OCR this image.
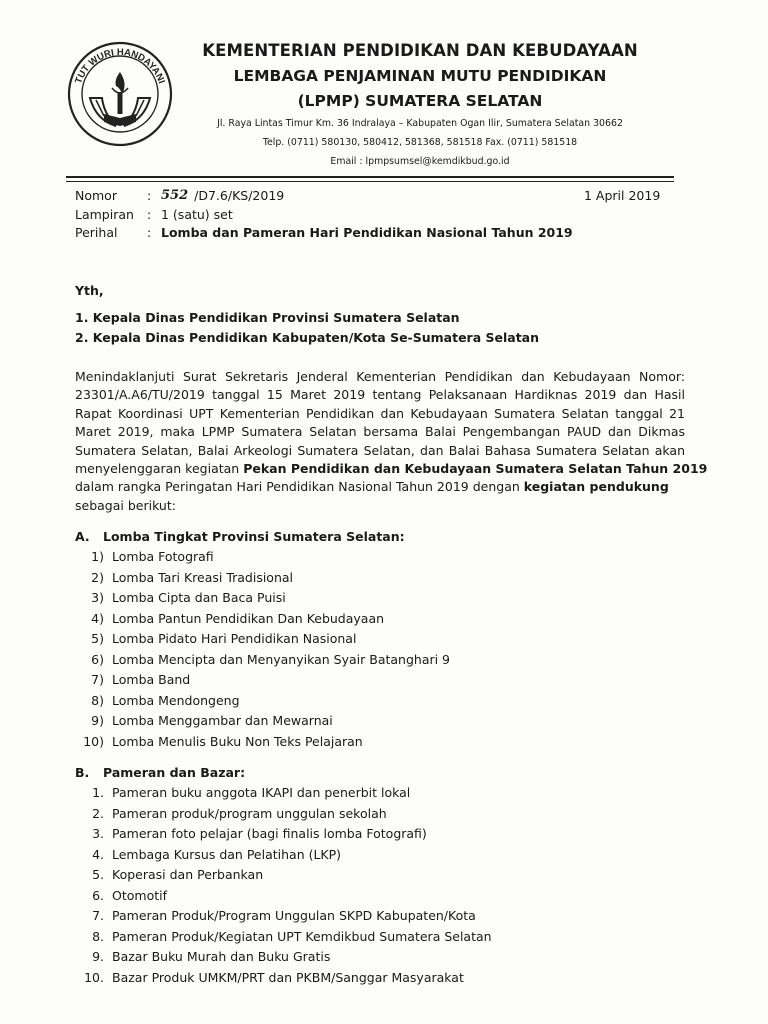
TUT WURI HANDAYANI
KEMENTERIAN PENDIDIKAN DAN KEBUDAYAAN
LEMBAGA PENJAMINAN MUTU PENDIDIKAN
(LPMP) SUMATERA SELATAN
Jl. Raya Lintas Timur Km. 36 Indralaya – Kabupaten Ogan Ilir, Sumatera Selatan 30662
Telp. (0711) 580130, 580412, 581368, 581518 Fax. (0711) 581518
Email : lpmpsumsel@kemdikbud.go.id
Nomor	: 552 /D7.6/KS/2019
Lampiran	: 1 (satu) set
Perihal	: Lomba dan Pameran Hari Pendidikan Nasional Tahun 2019
1 April 2019
Yth,
1. Kepala Dinas Pendidikan Provinsi Sumatera Selatan
2. Kepala Dinas Pendidikan Kabupaten/Kota Se-Sumatera Selatan
Menindaklanjuti Surat Sekretaris Jenderal Kementerian Pendidikan dan Kebudayaan Nomor:
23301/A.A6/TU/2019 tanggal 15 Maret 2019 tentang Pelaksanaan Hardiknas 2019 dan Hasil
Rapat Koordinasi UPT Kementerian Pendidikan dan Kebudayaan Sumatera Selatan tanggal 21
Maret 2019, maka LPMP Sumatera Selatan bersama Balai Pengembangan PAUD dan Dikmas
Sumatera Selatan, Balai Arkeologi Sumatera Selatan, dan Balai Bahasa Sumatera Selatan akan
menyelenggaran kegiatan Pekan Pendidikan dan Kebudayaan Sumatera Selatan Tahun 2019
dalam rangka Peringatan Hari Pendidikan Nasional Tahun 2019 dengan kegiatan pendukung
sebagai berikut:
A.	Lomba Tingkat Provinsi Sumatera Selatan:
1) Lomba Fotografi
2) Lomba Tari Kreasi Tradisional
3) Lomba Cipta dan Baca Puisi
4) Lomba Pantun Pendidikan Dan Kebudayaan
5) Lomba Pidato Hari Pendidikan Nasional
6) Lomba Mencipta dan Menyanyikan Syair Batanghari 9
7) Lomba Band
8) Lomba Mendongeng
9) Lomba Menggambar dan Mewarnai
10) Lomba Menulis Buku Non Teks Pelajaran
B.	Pameran dan Bazar:
1. Pameran buku anggota IKAPI dan penerbit lokal
2. Pameran produk/program unggulan sekolah
3. Pameran foto pelajar (bagi finalis lomba Fotografi)
4. Lembaga Kursus dan Pelatihan (LKP)
5. Koperasi dan Perbankan
6. Otomotif
7. Pameran Produk/Program Unggulan SKPD Kabupaten/Kota
8. Pameran Produk/Kegiatan UPT Kemdikbud Sumatera Selatan
9. Bazar Buku Murah dan Buku Gratis
10. Bazar Produk UMKM/PRT dan PKBM/Sanggar Masyarakat
